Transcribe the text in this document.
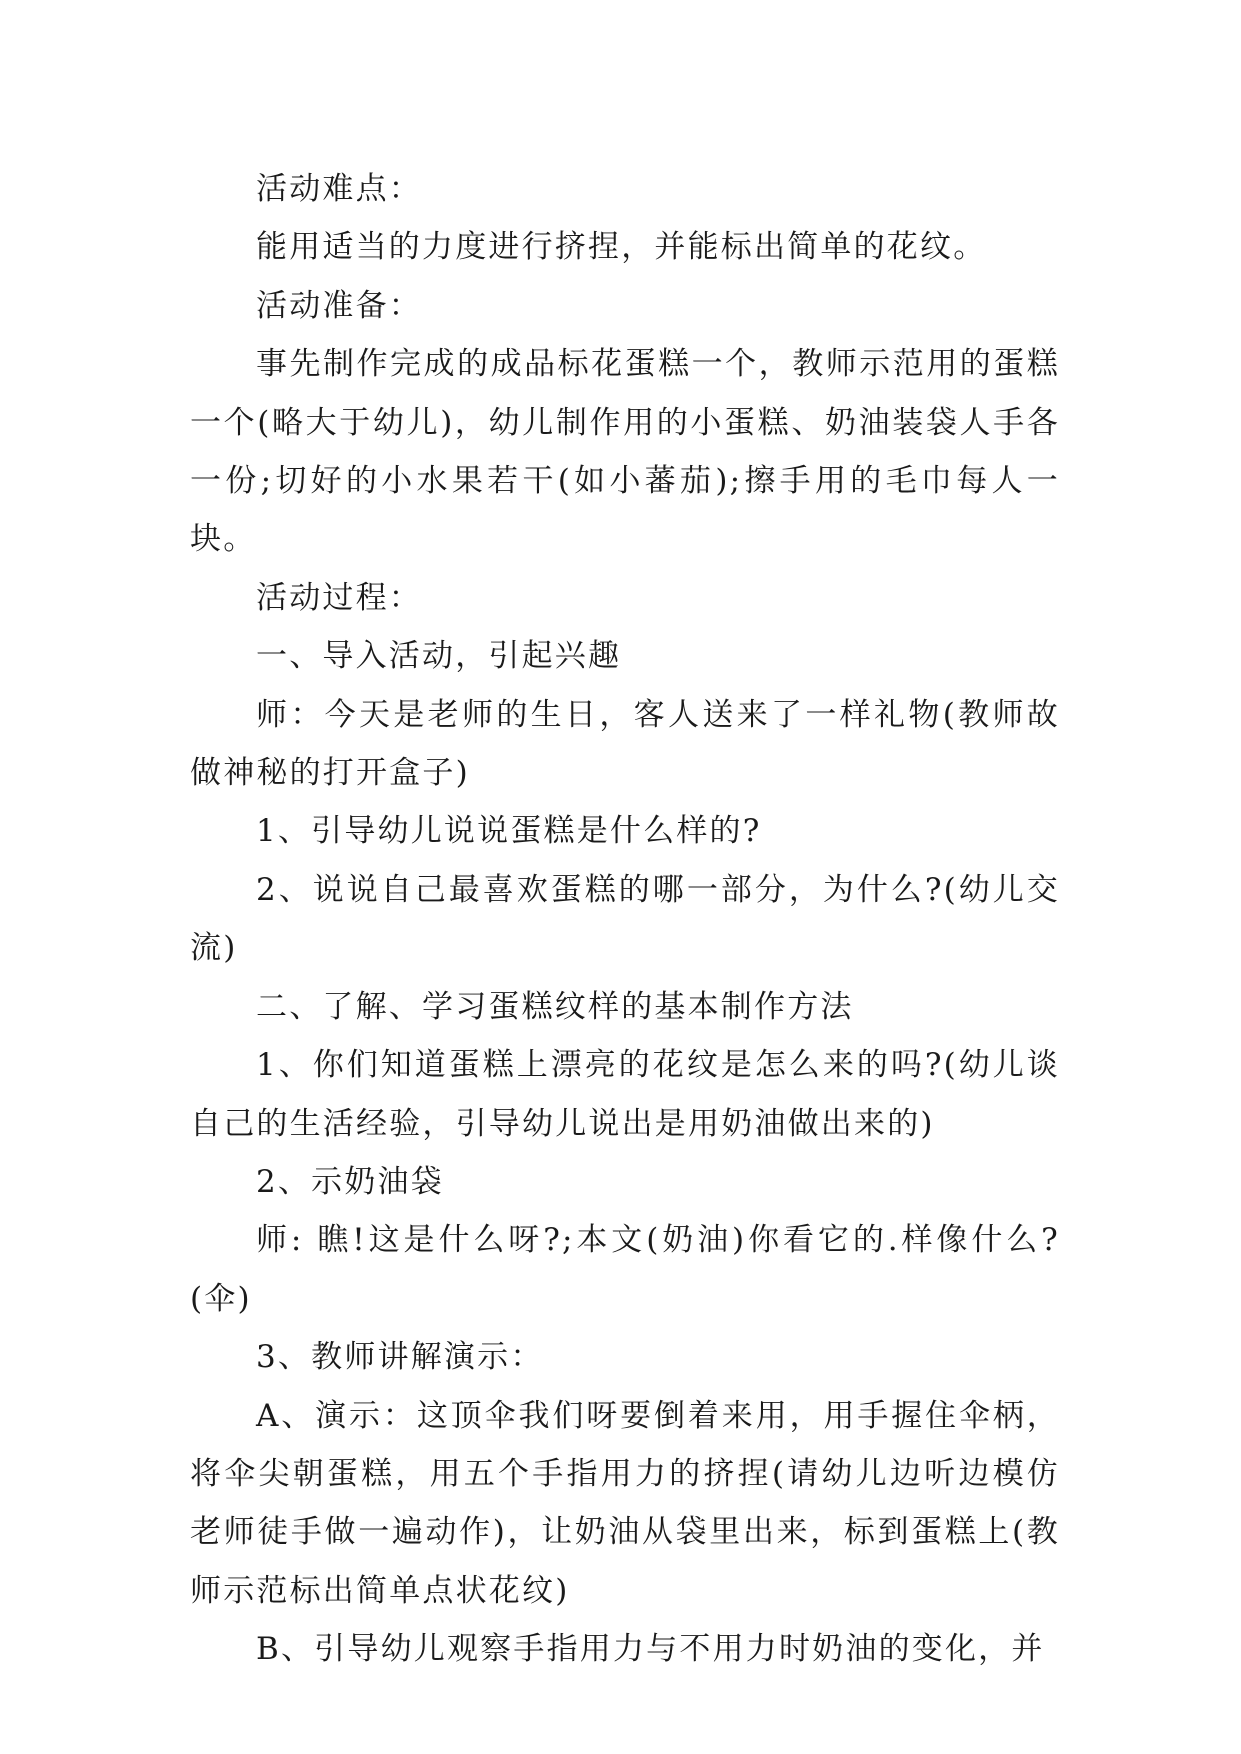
活动难点：

能用适当的力度进行挤捏，并能标出简单的花纹。

活动准备：

事先制作完成的成品标花蛋糕一个，教师示范用的蛋糕一个(略大于幼儿)，幼儿制作用的小蛋糕、奶油装袋人手各一份;切好的小水果若干(如小蕃茄);擦手用的毛巾每人一块。

活动过程：

一、导入活动，引起兴趣

师：今天是老师的生日，客人送来了一样礼物(教师故做神秘的打开盒子)

1、引导幼儿说说蛋糕是什么样的?

2、说说自己最喜欢蛋糕的哪一部分，为什么?(幼儿交流)

二、了解、学习蛋糕纹样的基本制作方法

1、你们知道蛋糕上漂亮的花纹是怎么来的吗?(幼儿谈自己的生活经验，引导幼儿说出是用奶油做出来的)

2、示奶油袋

师: 瞧!这是什么呀?;本文(奶油)你看它的.样像什么?(伞)

3、教师讲解演示：

A、演示：这顶伞我们呀要倒着来用，用手握住伞柄，将伞尖朝蛋糕，用五个手指用力的挤捏(请幼儿边听边模仿老师徒手做一遍动作)，让奶油从袋里出来，标到蛋糕上(教师示范标出简单点状花纹)

B、引导幼儿观察手指用力与不用力时奶油的变化，并
